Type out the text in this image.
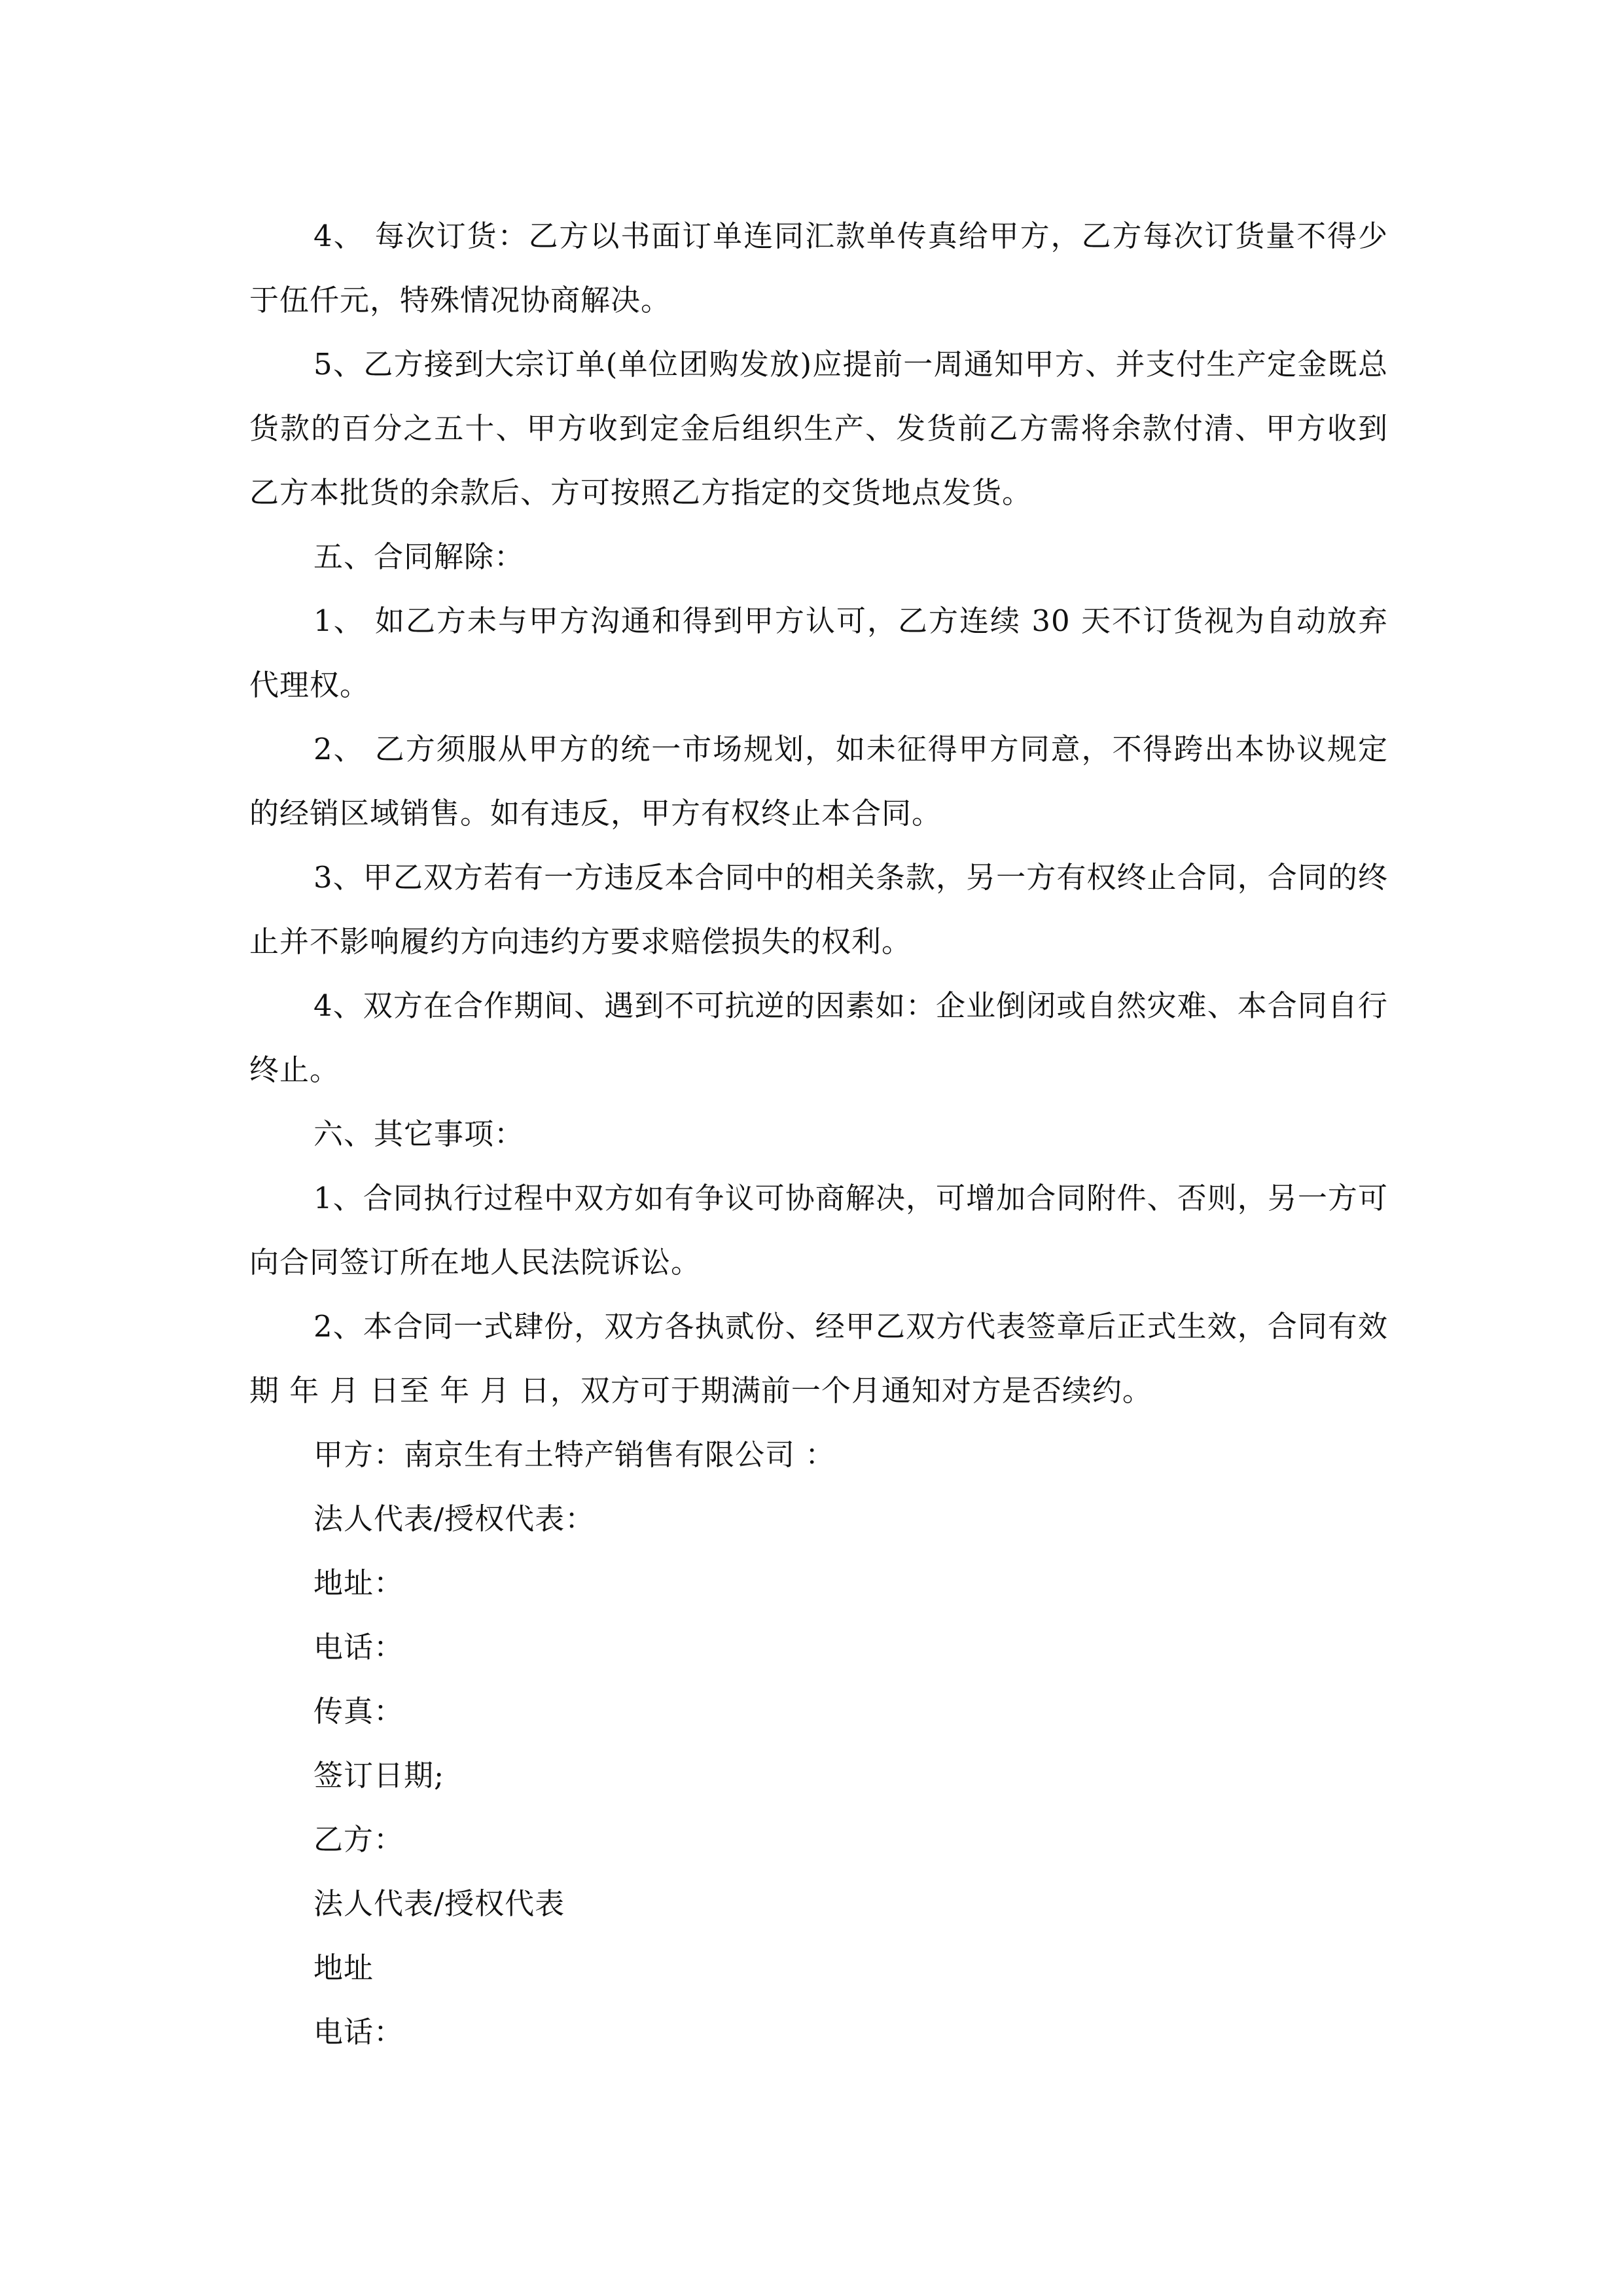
4、 每次订货：乙方以书面订单连同汇款单传真给甲方，乙方每次订货量不得少于伍仟元，特殊情况协商解决。

5、乙方接到大宗订单(单位团购发放)应提前一周通知甲方、并支付生产定金既总货款的百分之五十、甲方收到定金后组织生产、发货前乙方需将余款付清、甲方收到乙方本批货的余款后、方可按照乙方指定的交货地点发货。

五、合同解除：

1、 如乙方未与甲方沟通和得到甲方认可，乙方连续 30 天不订货视为自动放弃代理权。

2、 乙方须服从甲方的统一市场规划，如未征得甲方同意，不得跨出本协议规定的经销区域销售。如有违反，甲方有权终止本合同。

3、甲乙双方若有一方违反本合同中的相关条款，另一方有权终止合同，合同的终止并不影响履约方向违约方要求赔偿损失的权利。

4、双方在合作期间、遇到不可抗逆的因素如：企业倒闭或自然灾难、本合同自行终止。

六、其它事项：

1、合同执行过程中双方如有争议可协商解决，可增加合同附件、否则，另一方可向合同签订所在地人民法院诉讼。

2、本合同一式肆份，双方各执贰份、经甲乙双方代表签章后正式生效，合同有效期 年 月 日至 年 月 日，双方可于期满前一个月通知对方是否续约。

甲方：南京生有土特产销售有限公司 ：

法人代表/授权代表：

地址：

电话：

传真：

签订日期;

乙方：

法人代表/授权代表

地址

电话：
